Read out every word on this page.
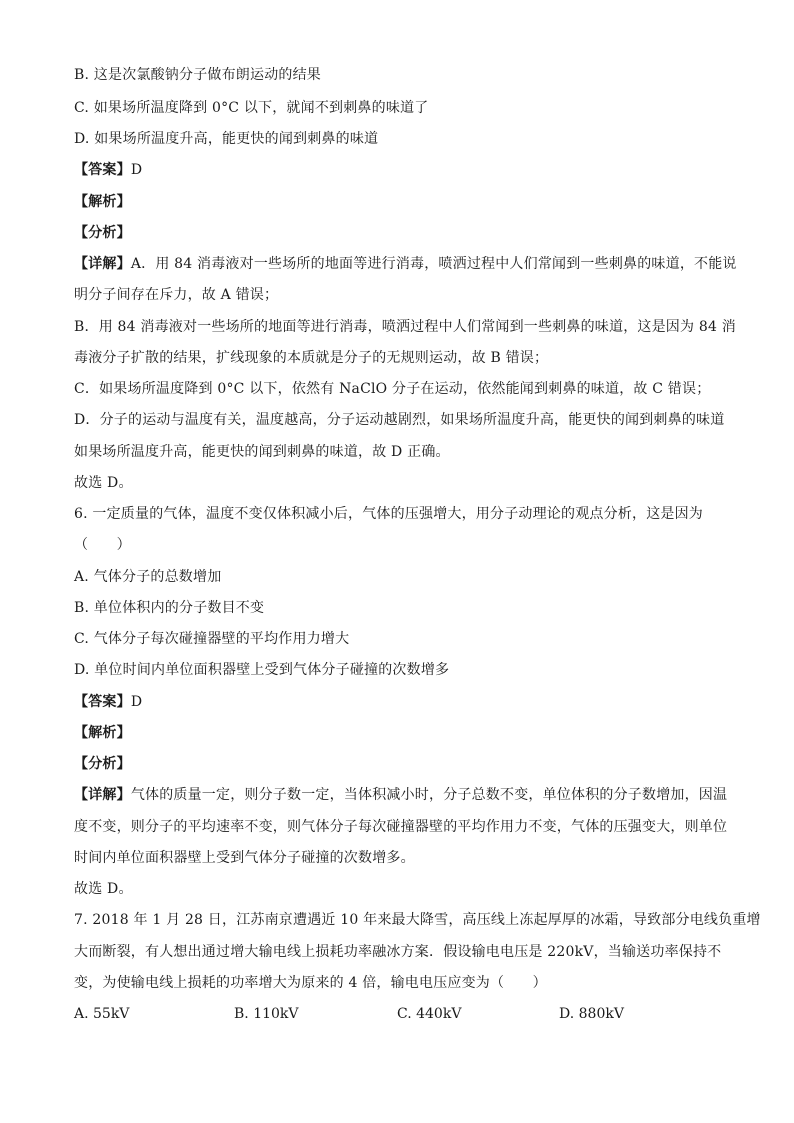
B. 这是次氯酸钠分子做布朗运动的结果
C. 如果场所温度降到 0°C 以下，就闻不到刺鼻的味道了
D. 如果场所温度升高，能更快的闻到刺鼻的味道
【答案】D
【解析】
【分析】
【详解】A．用 84 消毒液对一些场所的地面等进行消毒，喷洒过程中人们常闻到一些刺鼻的味道，不能说
明分子间存在斥力，故 A 错误；
B．用 84 消毒液对一些场所的地面等进行消毒，喷洒过程中人们常闻到一些刺鼻的味道，这是因为 84 消
毒液分子扩散的结果，扩线现象的本质就是分子的无规则运动，故 B 错误；
C．如果场所温度降到 0°C 以下，依然有 NaClO 分子在运动，依然能闻到刺鼻的味道，故 C 错误；
D．分子的运动与温度有关，温度越高，分子运动越剧烈，如果场所温度升高，能更快的闻到刺鼻的味道
如果场所温度升高，能更快的闻到刺鼻的味道，故 D 正确。
故选 D。
6. 一定质量的气体，温度不变仅体积减小后，气体的压强增大，用分子动理论的观点分析，这是因为
（　　）
A. 气体分子的总数增加
B. 单位体积内的分子数目不变
C. 气体分子每次碰撞器壁的平均作用力增大
D. 单位时间内单位面积器壁上受到气体分子碰撞的次数增多
【答案】D
【解析】
【分析】
【详解】气体的质量一定，则分子数一定，当体积减小时，分子总数不变，单位体积的分子数增加，因温
度不变，则分子的平均速率不变，则气体分子每次碰撞器壁的平均作用力不变，气体的压强变大，则单位
时间内单位面积器壁上受到气体分子碰撞的次数增多。
故选 D。
7. 2018 年 1 月 28 日，江苏南京遭遇近 10 年来最大降雪，高压线上冻起厚厚的冰霜，导致部分电线负重增
大而断裂，有人想出通过增大输电线上损耗功率融冰方案．假设输电电压是 220kV，当输送功率保持不
变，为使输电线上损耗的功率增大为原来的 4 倍，输电电压应变为（　　）
A. 55kV	B. 110kV	C. 440kV	D. 880kV
